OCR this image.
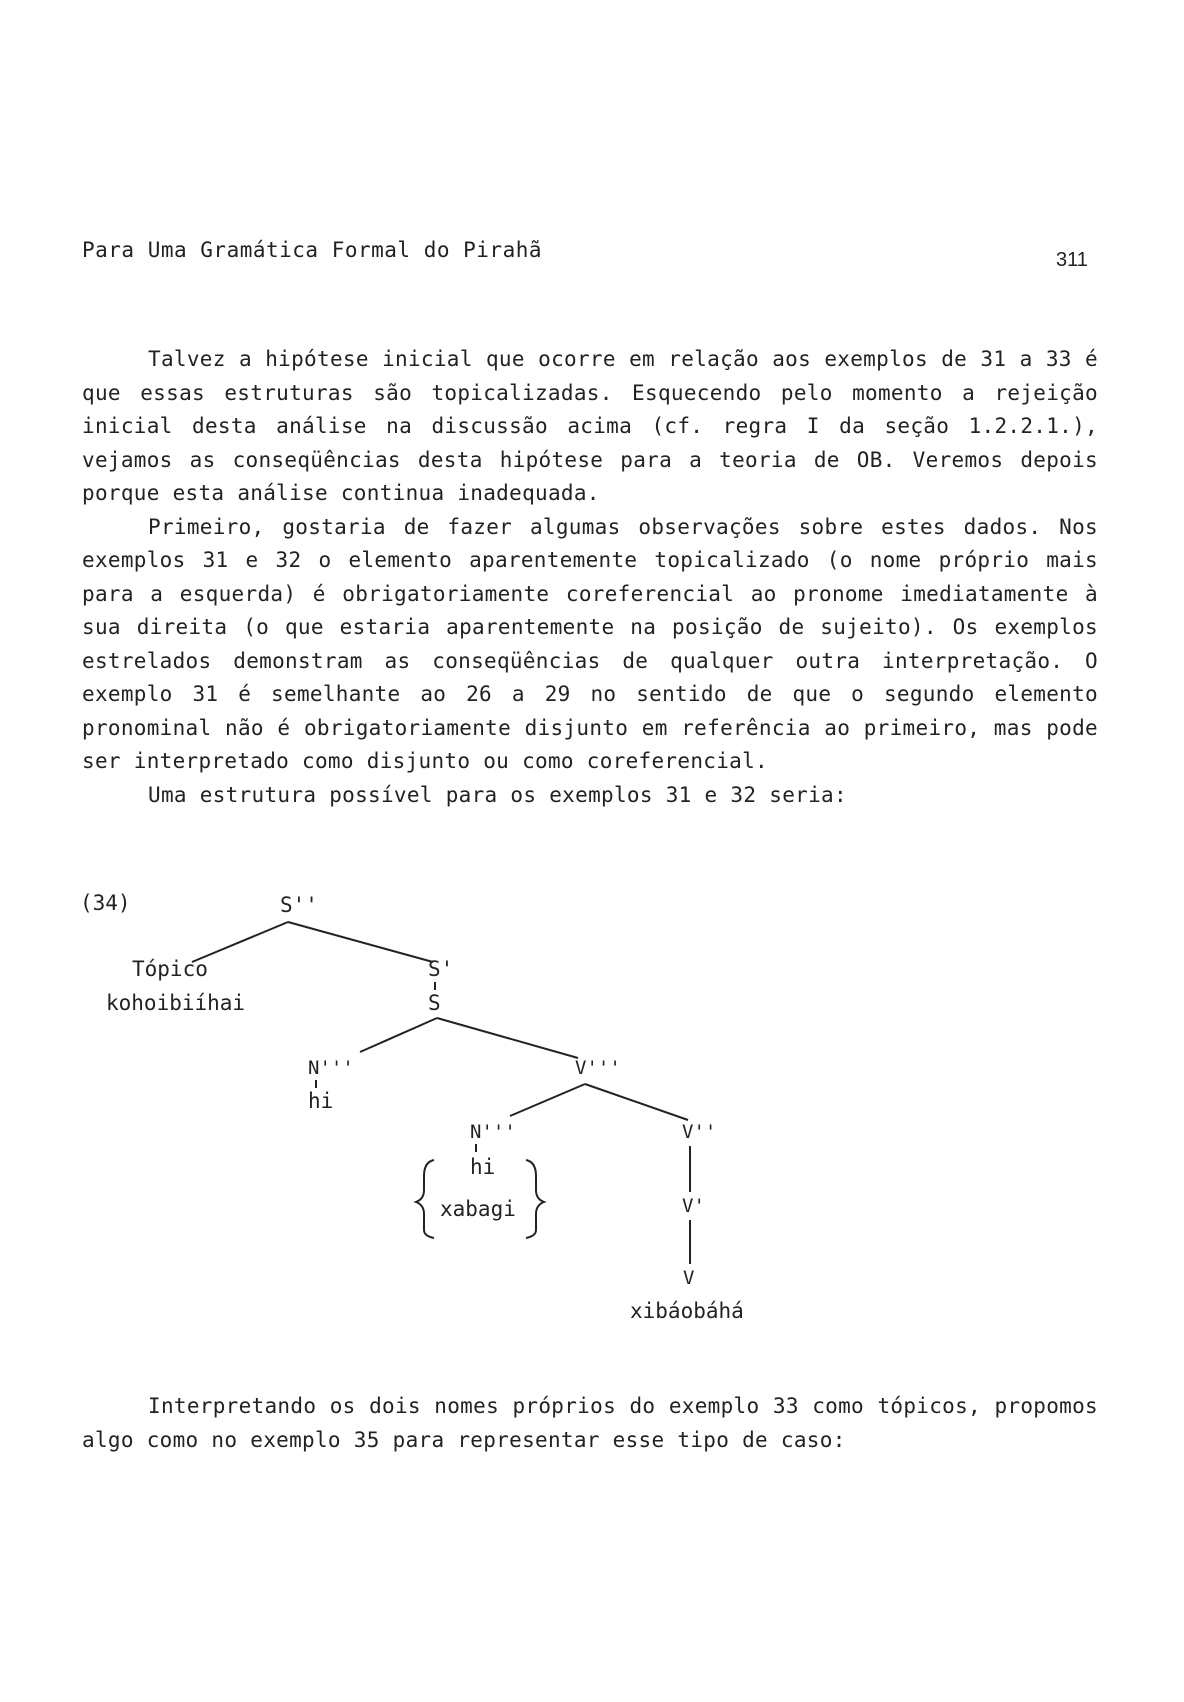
Para Uma Gramática Formal do Pirahã	311

Talvez a hipótese inicial que ocorre em relação aos exemplos de 31 a 33 é que essas estruturas são topicalizadas. Esquecendo pelo momento a rejeição inicial desta análise na discussão acima (cf. regra I da seção 1.2.2.1.), vejamos as conseqüências desta hipótese para a teoria de OB. Veremos depois porque esta análise continua inadequada.

Primeiro, gostaria de fazer algumas observações sobre estes dados. Nos exemplos 31 e 32 o elemento aparentemente topicalizado (o nome próprio mais para a esquerda) é obrigatoriamente coreferencial ao pronome imediatamente à sua direita (o que estaria aparentemente na posição de sujeito). Os exemplos estrelados demonstram as conseqüências de qualquer outra interpretação. O exemplo 31 é semelhante ao 26 a 29 no sentido de que o segundo elemento pronominal não é obrigatoriamente disjunto em referência ao primeiro, mas pode ser interpretado como disjunto ou como coreferencial.

Uma estrutura possível para os exemplos 31 e 32 seria:

(34)	S''
Tópico
kohoibiíhai
S'
S
N'''
hi
V'''
N'''
hi
xabagi
V''
V'
V
xibáobáhá

Interpretando os dois nomes próprios do exemplo 33 como tópicos, propomos algo como no exemplo 35 para representar esse tipo de caso:
